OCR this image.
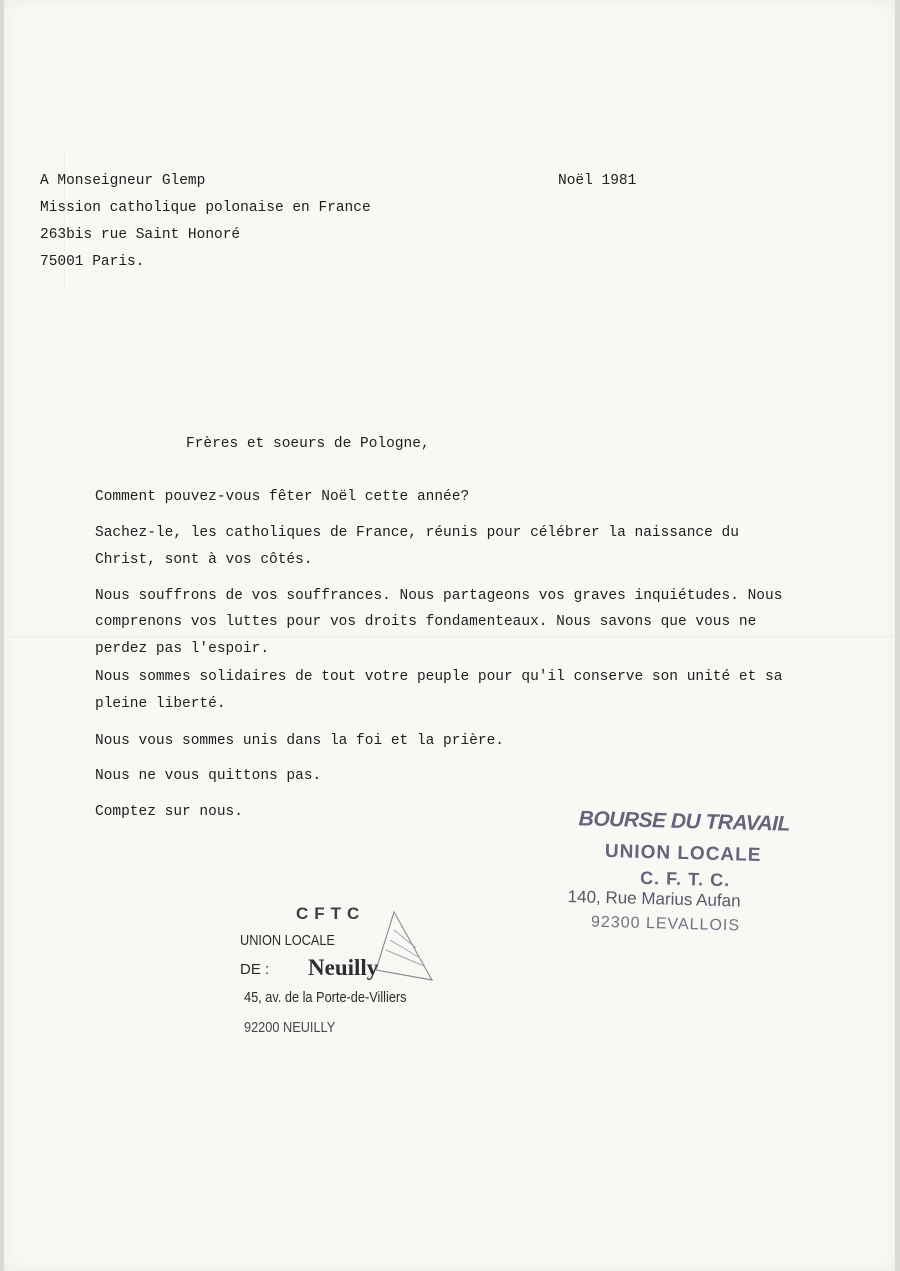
A Monseigneur Glemp
Mission catholique polonaise en France
263bis rue Saint Honoré
75001 Paris.
Noël 1981
Frères et soeurs de Pologne,
Comment pouvez-vous fêter Noël cette année?
Sachez-le, les catholiques de France, réunis pour célébrer la naissance du
Christ, sont à vos côtés.
Nous souffrons de vos souffrances. Nous partageons vos graves inquiétudes. Nous
comprenons vos luttes pour vos droits fondamenteaux. Nous savons que vous ne
perdez pas l'espoir.
Nous sommes solidaires de tout votre peuple pour qu'il conserve son unité et sa
pleine liberté.
Nous vous sommes unis dans la foi et la prière.
Nous ne vous quittons pas.
Comptez sur nous.	BOURSE DU TRAVAIL
UNION LOCALE
C. F. T. C.
140, Rue Marius Aufan
92300 LEVALLOIS
CFTC
UNION LOCALE
DE : Neuilly
45, av. de la Porte-de-Villiers
92200 NEUILLY
